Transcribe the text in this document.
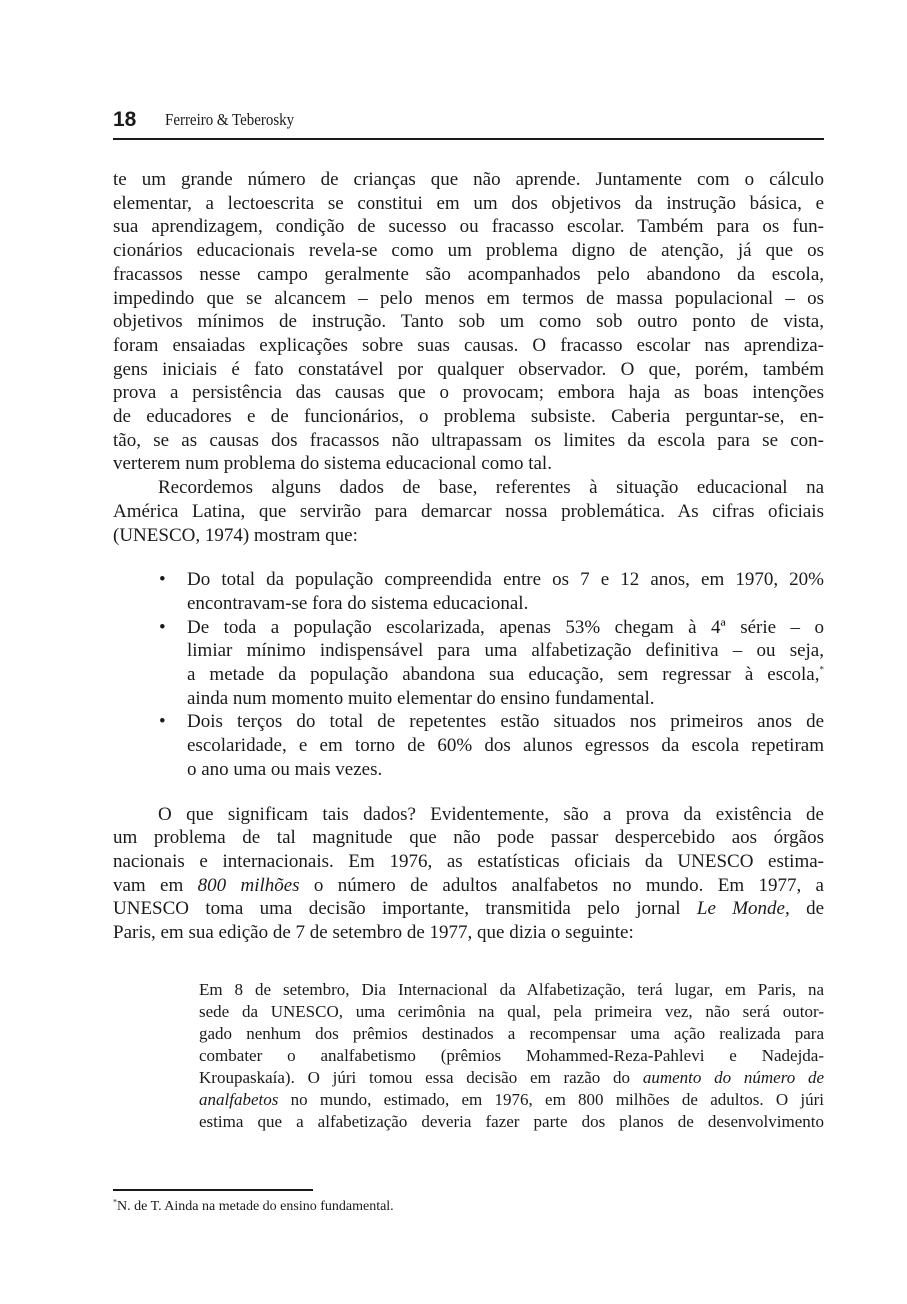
18 Ferreiro & Teberosky

te um grande número de crianças que não aprende. Juntamente com o cálculo

elementar, a lectoescrita se constitui em um dos objetivos da instrução básica, e

sua aprendizagem, condição de sucesso ou fracasso escolar. Também para os fun-

cionários educacionais revela-se como um problema digno de atenção, já que os

fracassos nesse campo geralmente são acompanhados pelo abandono da escola,

impedindo que se alcancem – pelo menos em termos de massa populacional – os

objetivos mínimos de instrução. Tanto sob um como sob outro ponto de vista,

foram ensaiadas explicações sobre suas causas. O fracasso escolar nas aprendiza-

gens iniciais é fato constatável por qualquer observador. O que, porém, também

prova a persistência das causas que o provocam; embora haja as boas intenções

de educadores e de funcionários, o problema subsiste. Caberia perguntar-se, en-

tão, se as causas dos fracassos não ultrapassam os limites da escola para se con-

verterem num problema do sistema educacional como tal.

Recordemos alguns dados de base, referentes à situação educacional na

América Latina, que servirão para demarcar nossa problemática. As cifras oficiais

(UNESCO, 1974) mostram que:

• Do total da população compreendida entre os 7 e 12 anos, em 1970, 20%

encontravam-se fora do sistema educacional.

• De toda a população escolarizada, apenas 53% chegam à 4ª série – o

limiar mínimo indispensável para uma alfabetização definitiva – ou seja,

a metade da população abandona sua educação, sem regressar à escola,*

ainda num momento muito elementar do ensino fundamental.

• Dois terços do total de repetentes estão situados nos primeiros anos de

escolaridade, e em torno de 60% dos alunos egressos da escola repetiram

o ano uma ou mais vezes.

O que significam tais dados? Evidentemente, são a prova da existência de

um problema de tal magnitude que não pode passar despercebido aos órgãos

nacionais e internacionais. Em 1976, as estatísticas oficiais da UNESCO estima-

vam em 800 milhões o número de adultos analfabetos no mundo. Em 1977, a

UNESCO toma uma decisão importante, transmitida pelo jornal Le Monde, de

Paris, em sua edição de 7 de setembro de 1977, que dizia o seguinte:

Em 8 de setembro, Dia Internacional da Alfabetização, terá lugar, em Paris, na

sede da UNESCO, uma cerimônia na qual, pela primeira vez, não será outor-

gado nenhum dos prêmios destinados a recompensar uma ação realizada para

combater o analfabetismo (prêmios Mohammed-Reza-Pahlevi e Nadejda-

Kroupaskaía). O júri tomou essa decisão em razão do aumento do número de

analfabetos no mundo, estimado, em 1976, em 800 milhões de adultos. O júri

estima que a alfabetização deveria fazer parte dos planos de desenvolvimento

*N. de T. Ainda na metade do ensino fundamental.
